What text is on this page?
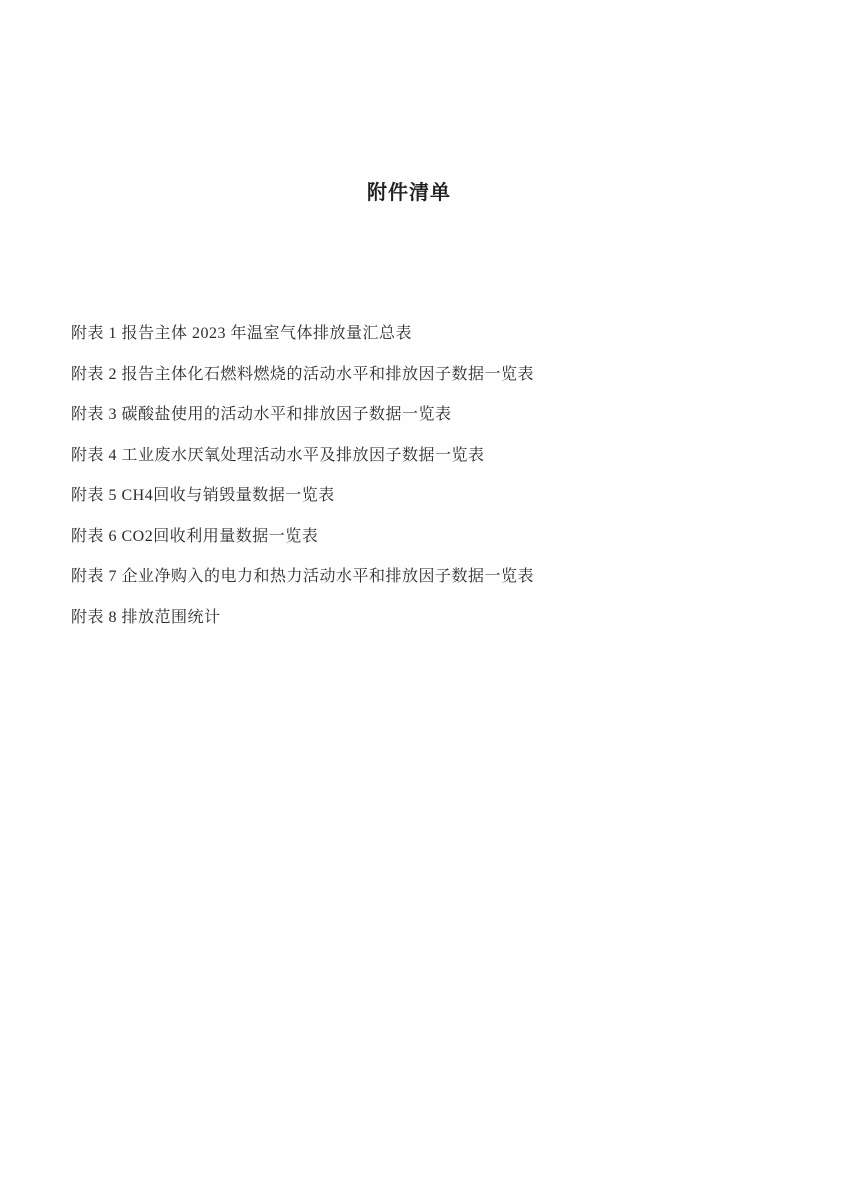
附件清单
附表 1 报告主体 2023 年温室气体排放量汇总表
附表 2 报告主体化石燃料燃烧的活动水平和排放因子数据一览表
附表 3 碳酸盐使用的活动水平和排放因子数据一览表
附表 4 工业废水厌氧处理活动水平及排放因子数据一览表
附表 5 CH4回收与销毁量数据一览表
附表 6 CO2回收利用量数据一览表
附表 7 企业净购入的电力和热力活动水平和排放因子数据一览表
附表 8 排放范围统计
